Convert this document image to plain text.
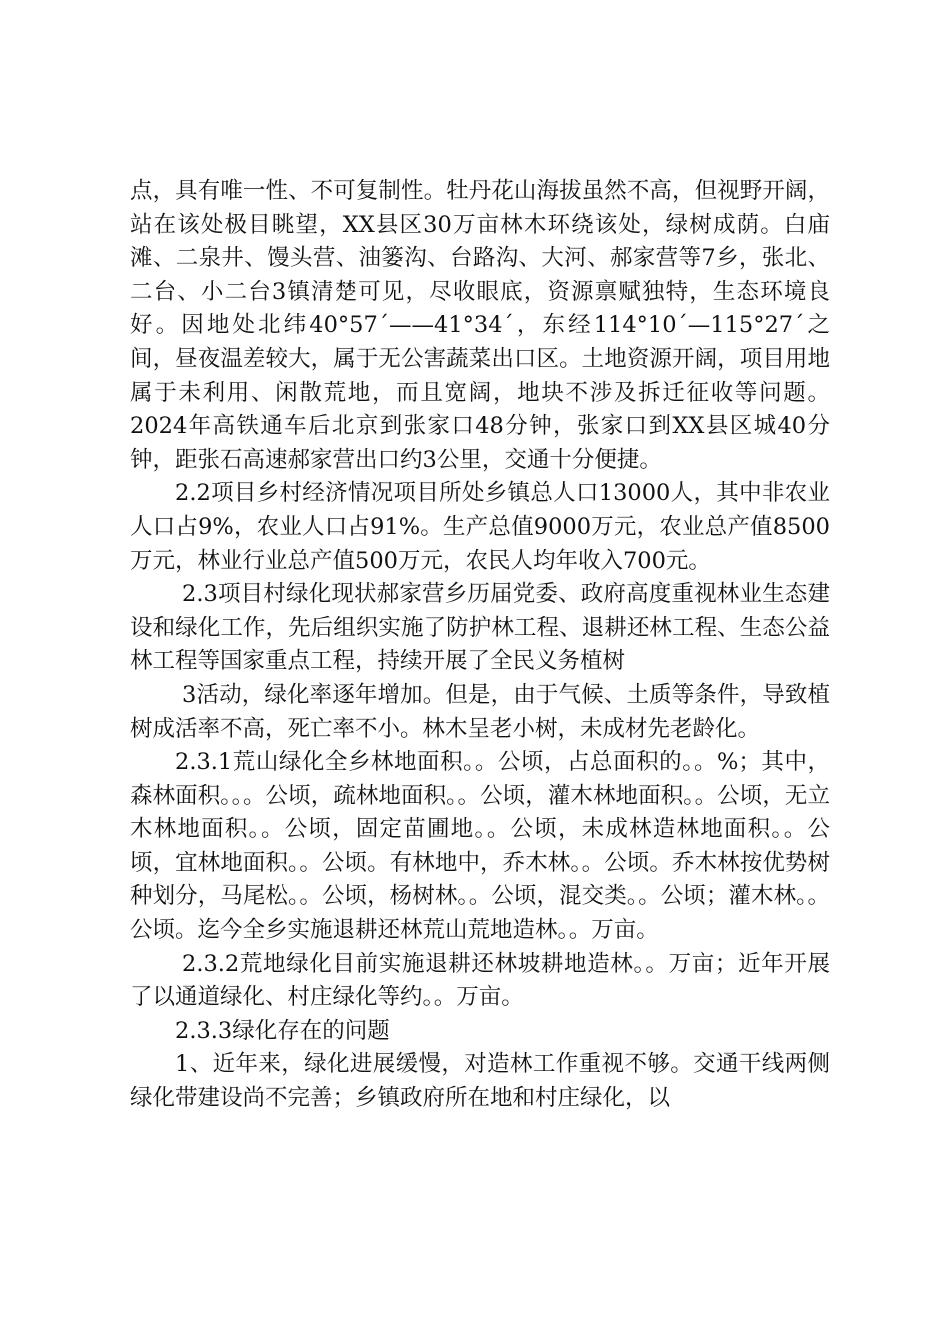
点，具有唯一性、不可复制性。牡丹花山海拔虽然不高，但视野开阔，站在该处极目眺望，XX县区30万亩林木环绕该处，绿树成荫。白庙滩、二泉井、馒头营、油篓沟、台路沟、大河、郝家营等7乡，张北、二台、小二台3镇清楚可见，尽收眼底，资源禀赋独特，生态环境良好。因地处北纬40°57´——41°34´，东经114°10´—115°27´之间，昼夜温差较大，属于无公害蔬菜出口区。土地资源开阔，项目用地属于未利用、闲散荒地，而且宽阔，地块不涉及拆迁征收等问题。2024年高铁通车后北京到张家口48分钟，张家口到XX县区城40分钟，距张石高速郝家营出口约3公里，交通十分便捷。

2.2项目乡村经济情况项目所处乡镇总人口13000人，其中非农业人口占9%，农业人口占91%。生产总值9000万元，农业总产值8500万元，林业行业总产值500万元，农民人均年收入700元。

2.3项目村绿化现状郝家营乡历届党委、政府高度重视林业生态建设和绿化工作，先后组织实施了防护林工程、退耕还林工程、生态公益林工程等国家重点工程，持续开展了全民义务植树

3活动，绿化率逐年增加。但是，由于气候、土质等条件，导致植树成活率不高，死亡率不小。林木呈老小树，未成材先老龄化。

2.3.1荒山绿化全乡林地面积。。公顷，占总面积的。。%；其中，森林面积。。。公顷，疏林地面积。。公顷，灌木林地面积。。公顷，无立木林地面积。。公顷，固定苗圃地。。公顷，未成林造林地面积。。公顷，宜林地面积。。公顷。有林地中，乔木林。。公顷。乔木林按优势树种划分，马尾松。。公顷，杨树林。。公顷，混交类。。公顷；灌木林。。公顷。迄今全乡实施退耕还林荒山荒地造林。。万亩。

2.3.2荒地绿化目前实施退耕还林坡耕地造林。。万亩；近年开展了以通道绿化、村庄绿化等约。。万亩。

2.3.3绿化存在的问题

1、近年来，绿化进展缓慢，对造林工作重视不够。交通干线两侧绿化带建设尚不完善；乡镇政府所在地和村庄绿化，以
